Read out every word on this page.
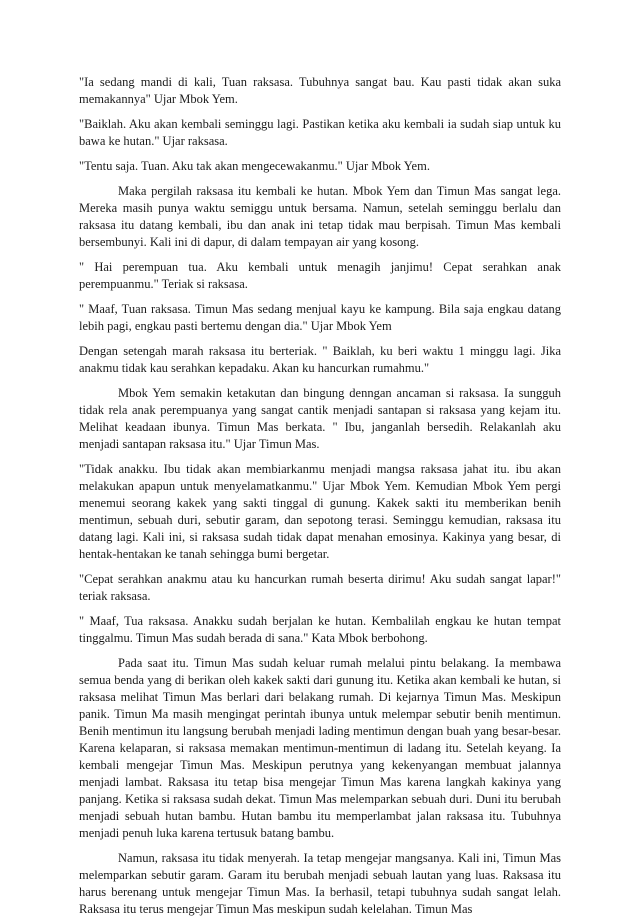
"Ia sedang mandi di kali, Tuan raksasa. Tubuhnya sangat bau. Kau pasti tidak akan suka memakannya" Ujar Mbok Yem.

"Baiklah. Aku akan kembali seminggu lagi. Pastikan ketika aku kembali ia sudah siap untuk ku bawa ke hutan." Ujar raksasa.

"Tentu saja. Tuan. Aku tak akan mengecewakanmu." Ujar Mbok Yem.

Maka pergilah raksasa itu kembali ke hutan. Mbok Yem dan Timun Mas sangat lega. Mereka masih punya waktu semiggu untuk bersama. Namun, setelah seminggu berlalu dan raksasa itu datang kembali, ibu dan anak ini tetap tidak mau berpisah. Timun Mas kembali bersembunyi. Kali ini di dapur, di dalam tempayan air yang kosong.

" Hai perempuan tua. Aku kembali untuk menagih janjimu! Cepat serahkan anak perempuanmu." Teriak si raksasa.

" Maaf, Tuan raksasa. Timun Mas sedang menjual kayu ke kampung. Bila saja engkau datang lebih pagi, engkau pasti bertemu dengan dia." Ujar Mbok Yem

Dengan setengah marah raksasa itu berteriak. " Baiklah, ku beri waktu 1 minggu lagi. Jika anakmu tidak kau serahkan kepadaku. Akan ku hancurkan rumahmu."

Mbok Yem semakin ketakutan dan bingung denngan ancaman si raksasa. Ia sungguh tidak rela anak perempuanya yang sangat cantik menjadi santapan si raksasa yang kejam itu. Melihat keadaan ibunya. Timun Mas berkata. " Ibu, janganlah bersedih. Relakanlah aku menjadi santapan raksasa itu." Ujar Timun Mas.

"Tidak anakku. Ibu tidak akan membiarkanmu menjadi mangsa raksasa jahat itu. ibu akan melakukan apapun untuk menyelamatkanmu." Ujar Mbok Yem. Kemudian Mbok Yem pergi menemui seorang kakek yang sakti tinggal di gunung. Kakek sakti itu memberikan benih mentimun, sebuah duri, sebutir garam, dan sepotong terasi. Seminggu kemudian, raksasa itu datang lagi. Kali ini, si raksasa sudah tidak dapat menahan emosinya. Kakinya yang besar, di hentak-hentakan ke tanah sehingga bumi bergetar.

"Cepat serahkan anakmu atau ku hancurkan rumah beserta dirimu! Aku sudah sangat lapar!" teriak raksasa.

" Maaf, Tua raksasa. Anakku sudah berjalan ke hutan. Kembalilah engkau ke hutan tempat tinggalmu. Timun Mas sudah berada di sana." Kata Mbok berbohong.

Pada saat itu. Timun Mas sudah keluar rumah melalui pintu belakang. Ia membawa semua benda yang di berikan oleh kakek sakti dari gunung itu. Ketika akan kembali ke hutan, si raksasa melihat Timun Mas berlari dari belakang rumah. Di kejarnya Timun Mas. Meskipun panik. Timun Ma masih mengingat perintah ibunya untuk melempar sebutir benih mentimun. Benih mentimun itu langsung berubah menjadi lading mentimun dengan buah yang besar-besar. Karena kelaparan, si raksasa memakan mentimun-mentimun di ladang itu. Setelah keyang. Ia kembali mengejar Timun Mas. Meskipun perutnya yang kekenyangan membuat jalannya menjadi lambat. Raksasa itu tetap bisa mengejar Timun Mas karena langkah kakinya yang panjang. Ketika si raksasa sudah dekat. Timun Mas melemparkan sebuah duri. Duni itu berubah menjadi sebuah hutan bambu. Hutan bambu itu memperlambat jalan raksasa itu. Tubuhnya menjadi penuh luka karena tertusuk batang bambu.

Namun, raksasa itu tidak menyerah. Ia tetap mengejar mangsanya. Kali ini, Timun Mas melemparkan sebutir garam. Garam itu berubah menjadi sebuah lautan yang luas. Raksasa itu harus berenang untuk mengejar Timun Mas. Ia berhasil, tetapi tubuhnya sudah sangat lelah. Raksasa itu terus mengejar Timun Mas meskipun sudah kelelahan. Timun Mas
